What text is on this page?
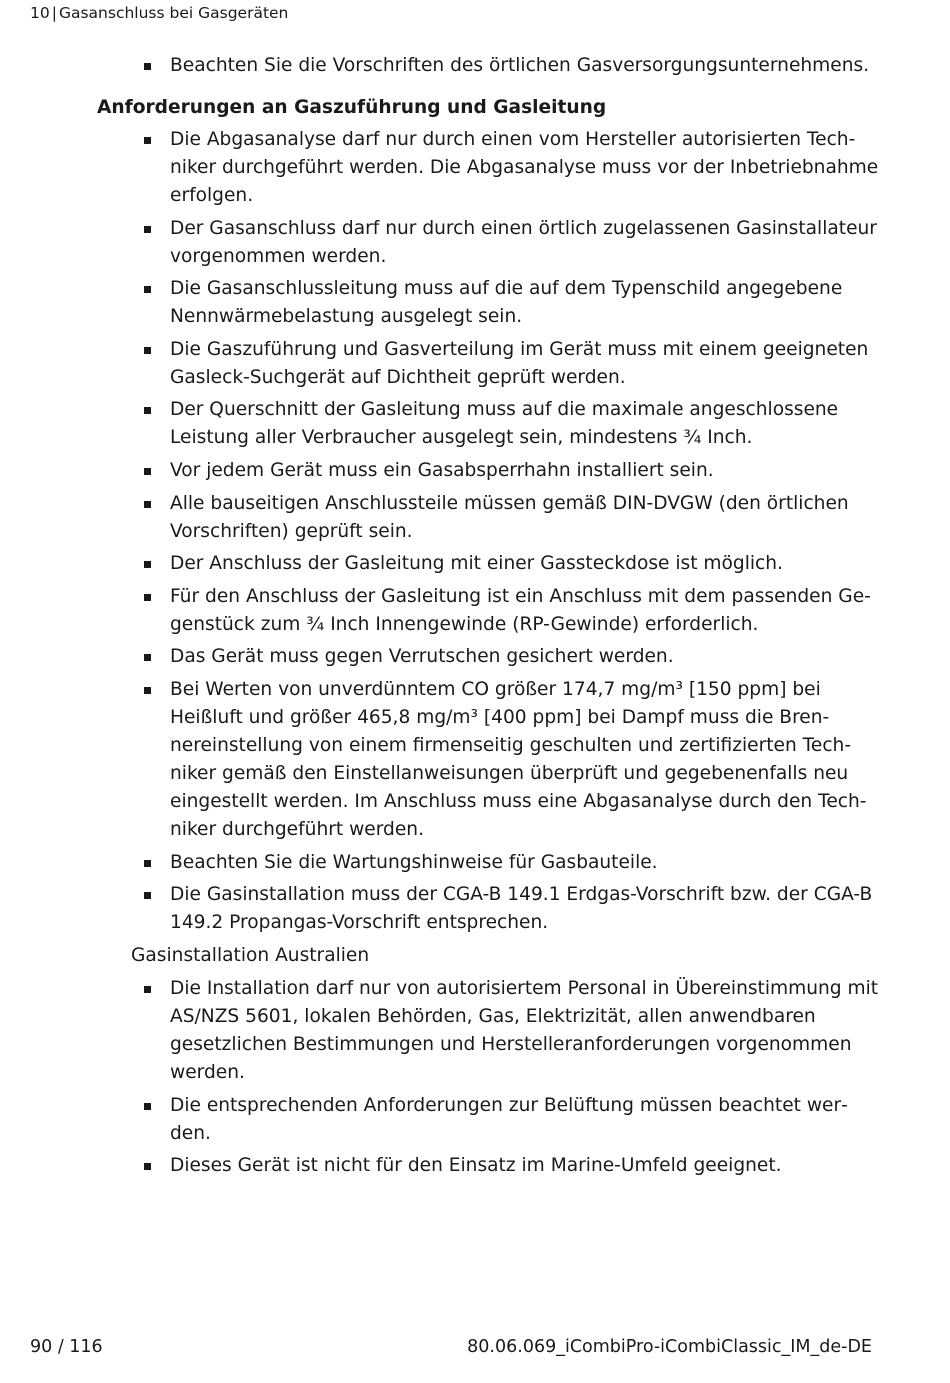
10 | Gasanschluss bei Gasgeräten
Beachten Sie die Vorschriften des örtlichen Gasversorgungsunternehmens.
Anforderungen an Gaszuführung und Gasleitung
Die Abgasanalyse darf nur durch einen vom Hersteller autorisierten Techniker durchgeführt werden. Die Abgasanalyse muss vor der Inbetriebnahme erfolgen.
Der Gasanschluss darf nur durch einen örtlich zugelassenen Gasinstallateur vorgenommen werden.
Die Gasanschlussleitung muss auf die auf dem Typenschild angegebene Nennwärmebelastung ausgelegt sein.
Die Gaszuführung und Gasverteilung im Gerät muss mit einem geeigneten Gasleck-Suchgerät auf Dichtheit geprüft werden.
Der Querschnitt der Gasleitung muss auf die maximale angeschlossene Leistung aller Verbraucher ausgelegt sein, mindestens ¾ Inch.
Vor jedem Gerät muss ein Gasabsperrhahn installiert sein.
Alle bauseitigen Anschlussteile müssen gemäß DIN-DVGW (den örtlichen Vorschriften) geprüft sein.
Der Anschluss der Gasleitung mit einer Gassteckdose ist möglich.
Für den Anschluss der Gasleitung ist ein Anschluss mit dem passenden Gegenstück zum ¾ Inch Innengewinde (RP-Gewinde) erforderlich.
Das Gerät muss gegen Verrutschen gesichert werden.
Bei Werten von unverdünntem CO größer 174,7 mg/m³ [150 ppm] bei Heißluft und größer 465,8 mg/m³ [400 ppm] bei Dampf muss die Brennereinstellung von einem firmenseitig geschulten und zertifizierten Techniker gemäß den Einstellanweisungen überprüft und gegebenenfalls neu eingestellt werden. Im Anschluss muss eine Abgasanalyse durch den Techniker durchgeführt werden.
Beachten Sie die Wartungshinweise für Gasbauteile.
Die Gasinstallation muss der CGA-B 149.1 Erdgas-Vorschrift bzw. der CGA-B 149.2 Propangas-Vorschrift entsprechen.
Gasinstallation Australien
Die Installation darf nur von autorisiertem Personal in Übereinstimmung mit AS/NZS 5601, lokalen Behörden, Gas, Elektrizität, allen anwendbaren gesetzlichen Bestimmungen und Herstelleranforderungen vorgenommen werden.
Die entsprechenden Anforderungen zur Belüftung müssen beachtet werden.
Dieses Gerät ist nicht für den Einsatz im Marine-Umfeld geeignet.
90 / 116	80.06.069_iCombiPro-iCombiClassic_IM_de-DE
